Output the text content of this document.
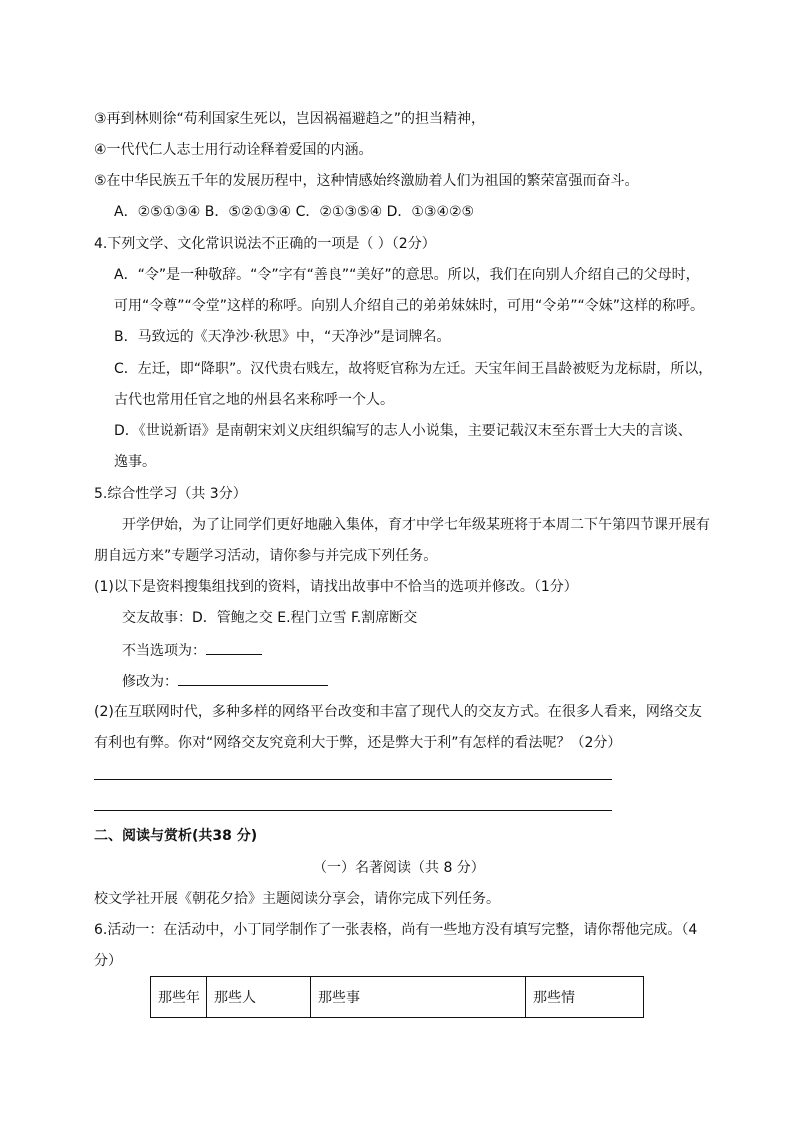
③再到林则徐“苟利国家生死以，岂因祸福避趋之”的担当精神，
④一代代仁人志士用行动诠释着爱国的内涵。
⑤在中华民族五千年的发展历程中，这种情感始终激励着人们为祖国的繁荣富强而奋斗。
A．②⑤①③④ B．⑤②①③④ C．②①③⑤④ D．①③④②⑤
4.下列文学、文化常识说法不正确的一项是（ ）（2分）
A．“令”是一种敬辞。“令”字有“善良”“美好”的意思。所以，我们在向别人介绍自己的父母时，
可用“令尊”“令堂”这样的称呼。向别人介绍自己的弟弟妹妹时，可用“令弟”“令妹”这样的称呼。
B．马致远的《天净沙·秋思》中，“天净沙”是词牌名。
C．左迁，即“降职”。汉代贵右贱左，故将贬官称为左迁。天宝年间王昌龄被贬为龙标尉，所以，
古代也常用任官之地的州县名来称呼一个人。
D．《世说新语》是南朝宋刘义庆组织编写的志人小说集，主要记载汉末至东晋士大夫的言谈、
逸事。
5.综合性学习（共 3分）
开学伊始，为了让同学们更好地融入集体，育才中学七年级某班将于本周二下午第四节课开展有
朋自远方来”专题学习活动，请你参与并完成下列任务。
(1)以下是资料搜集组找到的资料，请找出故事中不恰当的选项并修改。（1分）
交友故事：D．管鲍之交 E.程门立雪 F.割席断交
不当选项为：
修改为：
(2)在互联网时代，多种多样的网络平台改变和丰富了现代人的交友方式。在很多人看来，网络交友
有利也有弊。你对“网络交友究竟利大于弊，还是弊大于利”有怎样的看法呢？（2分）
二、阅读与赏析(共38 分)
（一）名著阅读（共 8 分）
校文学社开展《朝花夕拾》主题阅读分享会，请你完成下列任务。
6.活动一：在活动中，小丁同学制作了一张表格，尚有一些地方没有填写完整，请你帮他完成。（4
分）
那些年	那些人	那些事	那些情
